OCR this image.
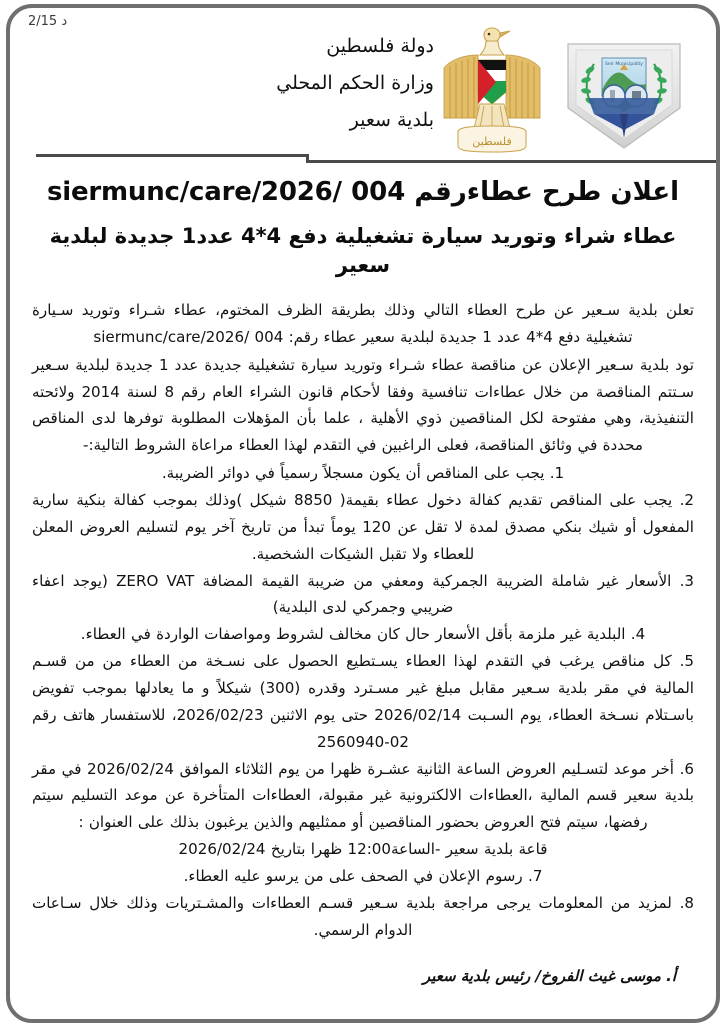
د 2/15
دولة فلسطين
وزارة الحكم المحلي
بلدية سعير
فلسطين
Seir Municipality
اعلان طرح عطاءرقم 004 /siermunc/care/2026
عطاء شراء وتوريد سيارة تشغيلية دفع 4*4 عدد1 جديدة لبلدية سعير

تعلن بلدية سـعير عن طرح العطاء التالي وذلك بطريقة الظرف المختوم، عطاء شـراء وتوريد سـيارة تشغيلية دفع 4*4 عدد 1 جديدة لبلدية سعير عطاء رقم: 004 /siermunc/care/2026

تود بلدية سـعير الإعلان عن مناقصة عطاء شـراء وتوريد سيارة تشغيلية جديدة عدد 1 جديدة لبلدية سـعير سـتتم المناقصة من خلال عطاءات تنافسية وفقا لأحكام قانون الشراء العام رقم 8 لسنة 2014 ولائحته التنفيذية، وهي مفتوحة لكل المناقصين ذوي الأهلية ، علما بأن المؤهلات المطلوبة توفرها لدى المناقص محددة في وثائق المناقصة، فعلى الراغبين في التقدم لهذا العطاء مراعاة الشروط التالية:-

1. يجب على المناقص أن يكون مسجلاً رسمياً في دوائر الضريبة.

2. يجب على المناقص تقديم كفالة دخول عطاء بقيمة( 8850 شيكل )وذلك بموجب كفالة بنكية سارية المفعول أو شيك بنكي مصدق لمدة لا تقل عن 120 يوماً تبدأ من تاريخ آخر يوم لتسليم العروض المعلن للعطاء ولا تقبل الشيكات الشخصية.

3. الأسعار غير شاملة الضريبة الجمركية ومعفي من ضريبة القيمة المضافة ZERO VAT (يوجد اعفاء ضريبي وجمركي لدى البلدية)

4. البلدية غير ملزمة بأقل الأسعار حال كان مخالف لشروط ومواصفات الواردة في العطاء.

5. كل مناقص يرغب في التقدم لهذا العطاء يسـتطيع الحصول على نسـخة من العطاء من من قسـم المالية في مقر بلدية سـعير مقابل مبلغ غير مسـترد وقدره (300) شيكلاً و ما يعادلها بموجب تفويض باسـتلام نسـخة العطاء، يوم السـبت 2026/02/14 حتى يوم الاثنين 2026/02/23، للاستفسار هاتف رقم 02-2560940

6. أخر موعد لتسـليم العروض الساعة الثانية عشـرة ظهرا من يوم الثلاثاء الموافق 2026/02/24 في مقر بلدية سعير قسم المالية ،العطاءات الالكترونية غير مقبولة، العطاءات المتأخرة عن موعد التسليم سيتم رفضها، سيتم فتح العروض بحضور المناقصين أو ممثليهم والذين يرغبون بذلك على العنوان :

قاعة بلدية سعير -الساعة12:00 ظهرا بتاريخ 2026/02/24

7. رسوم الإعلان في الصحف على من يرسو عليه العطاء.

8. لمزيد من المعلومات يرجى مراجعة بلدية سـعير قسـم العطاءات والمشـتريات وذلك خلال سـاعات الدوام الرسمي.

أ. موسى غيث الفروخ/ رئيس بلدية سعير
